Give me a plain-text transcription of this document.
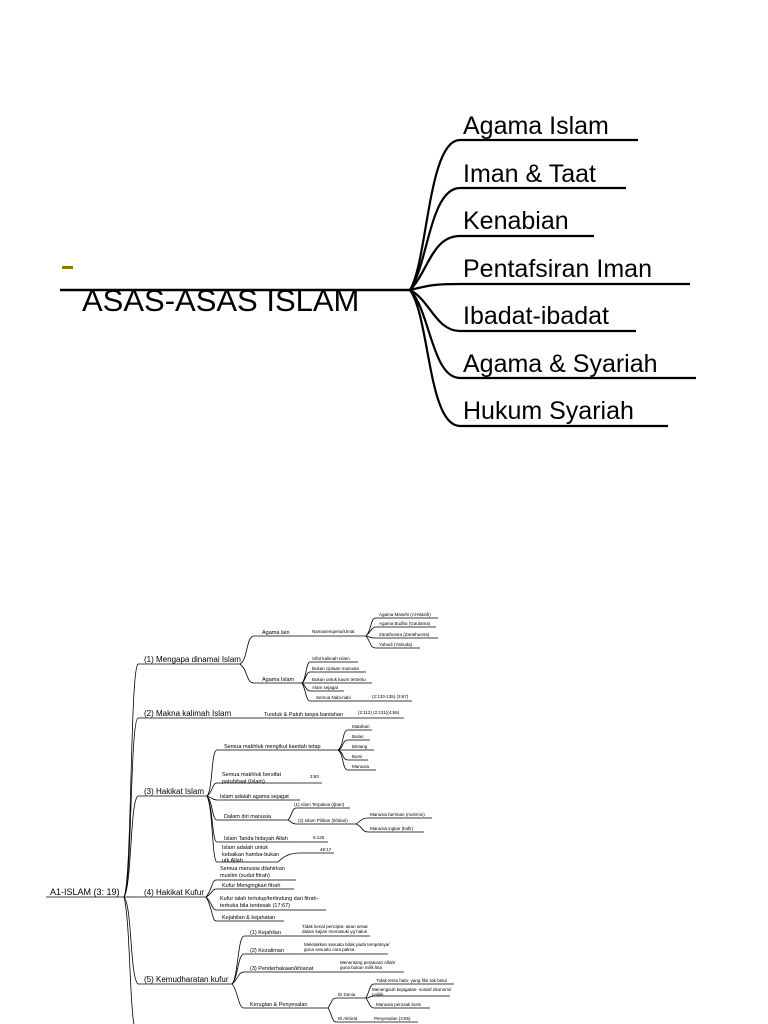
ASAS-ASAS ISLAM
Agama Islam
Iman & Taat
Kenabian
Pentafsiran Iman
Ibadat-ibadat
Agama & Syariah
Hukum Syariah
A1-ISLAM (3: 19)
(1) Mengapa dinamai Islam
(2) Makna kalimah Islam
(3) Hakikat Islam
(4) Hakikat Kufur
(5) Kemudharatan kufur
Agama lain
Agama Islam
Namasempena/Umat
Agama Masehi (Al-Masih)
Agama Budha (Gautama)
Zarathustra (Zarathustra)
Yahudi (Yahuda)
Sifat kalimah Islam
Bukan ciptaan manusia
Bukan untuk kaum tertentu
Alam sejagat
Semua Nabi-nabi	(2:133-135) (3:67)
Tunduk & Patuh tanpa bantahan	(2:112) (2:131)(4:65)
Semua makhluk mengikut kaedah tetap
Matahari
Bulan
Bintang
Bumi
Manusia
Semua makhluk bersifat patuh/taat (Islam)
3:83
Islam adalah agama sejagat
Dalam diri manusia
(1) Alam Terpaksa (Ijbari)
(2) Islam Pilihan (Ikhtiari)
Manusia beriman (muhmin)
Manusia ingkar (kafir)
Islam Tanda hidayah Allah	6:125
Islam adalah untuk kebaikan hamba-bukan utk Allah
49:17
Semua manusia dilahirkan muslim (sudut fitrah)
Kufur Mengingkari fitrah
Kufur ialah tertutup/terlindung dari fitrah- terbuka bila terdesak (17:67)
Kejahilan & kejahatan
(1) Kejahilan
(2) Kezaliman
(3) Penderhakaan/khianat
Kerugian & Penyesalan
Tidak kenal pencipta- akan sesat dalam kajian memasuki yg halus
Meletakkan sesuatu tidak pada tempatnya/ guna sesuatu cara paksa
Menentang peraturan Allah/ guna bukan milik kita
Di Dunia
Di Akhirat
Tidak tentu hala- yang fikir tak betul
Menengsuh kejagatan- sosial/ ekonomi/ politik
Manusia perosak bumi
Penyesalan (3:85)
